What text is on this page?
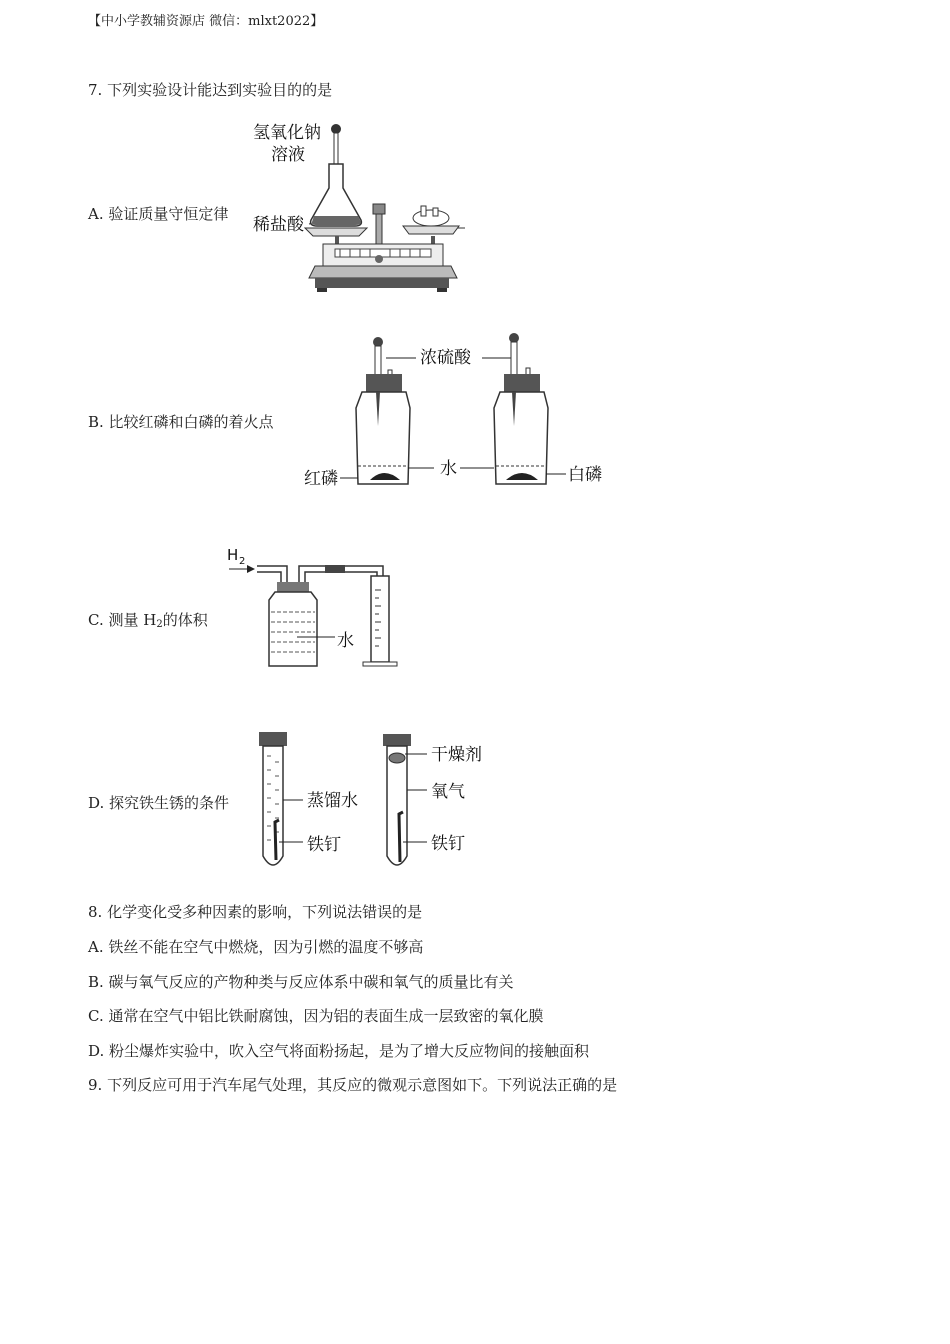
【中小学教辅资源店 微信：mlxt2022】
7. 下列实验设计能达到实验目的的是
A. 验证质量守恒定律
氢氧化钠
溶液
稀盐酸
B. 比较红磷和白磷的着火点
浓硫酸
红磷	水	白磷
C. 测量 $H_2$的体积
H 2
水
D. 探究铁生锈的条件	蒸馏水
铁钉
干燥剂
氧气
铁钉
8. 化学变化受多种因素的影响，下列说法错误的是
A. 铁丝不能在空气中燃烧，因为引燃的温度不够高
B. 碳与氧气反应的产物种类与反应体系中碳和氧气的质量比有关
C. 通常在空气中铝比铁耐腐蚀，因为铝的表面生成一层致密的氧化膜
D. 粉尘爆炸实验中，吹入空气将面粉扬起，是为了增大反应物间的接触面积
9. 下列反应可用于汽车尾气处理，其反应的微观示意图如下。下列说法正确的是
